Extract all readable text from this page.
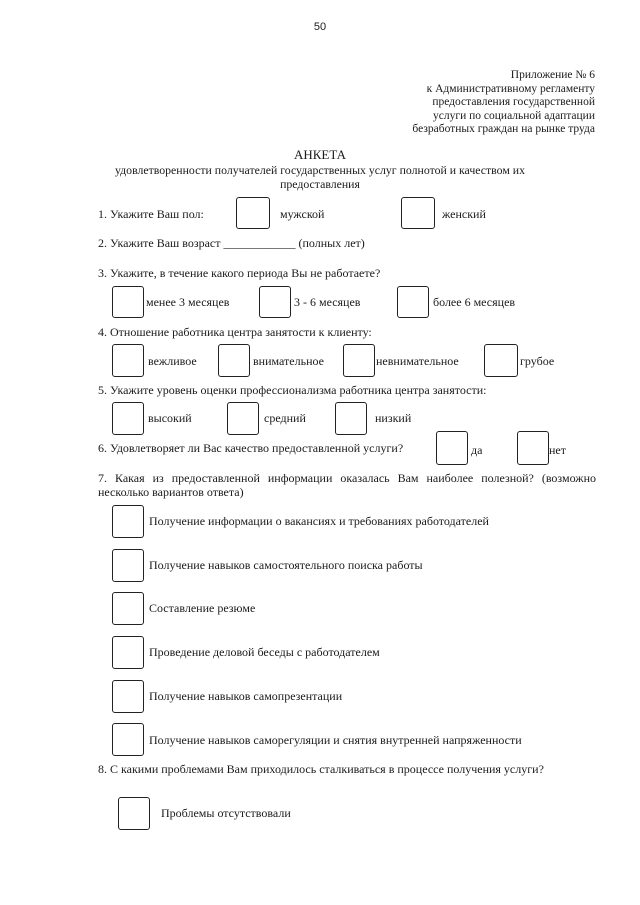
50
Приложение № 6
к Административному регламенту
предоставления государственной
услуги по социальной адаптации
безработных граждан на рынке труда
АНКЕТА
удовлетворенности получателей государственных услуг полнотой и качеством их
предоставления
1. Укажите Ваш пол:	мужской	женский
2. Укажите Ваш возраст ____________ (полных лет)
3. Укажите, в течение какого периода Вы не работаете?
менее 3 месяцев	3 - 6 месяцев	более 6 месяцев
4. Отношение работника центра занятости к клиенту:
вежливое	внимательное	невнимательное	грубое
5. Укажите уровень оценки профессионализма работника центра занятости:
высокий	средний	низкий
6. Удовлетворяет ли Вас качество предоставленной услуги?	да	нет
7. Какая из предоставленной информации оказалась Вам наиболее полезной? (возможно несколько вариантов ответа)
Получение информации о вакансиях и требованиях работодателей
Получение навыков самостоятельного поиска работы
Составление резюме
Проведение деловой беседы с работодателем
Получение навыков самопрезентации
Получение навыков саморегуляции и снятия внутренней напряженности
8. С какими проблемами Вам приходилось сталкиваться в процессе получения услуги?
Проблемы отсутствовали
